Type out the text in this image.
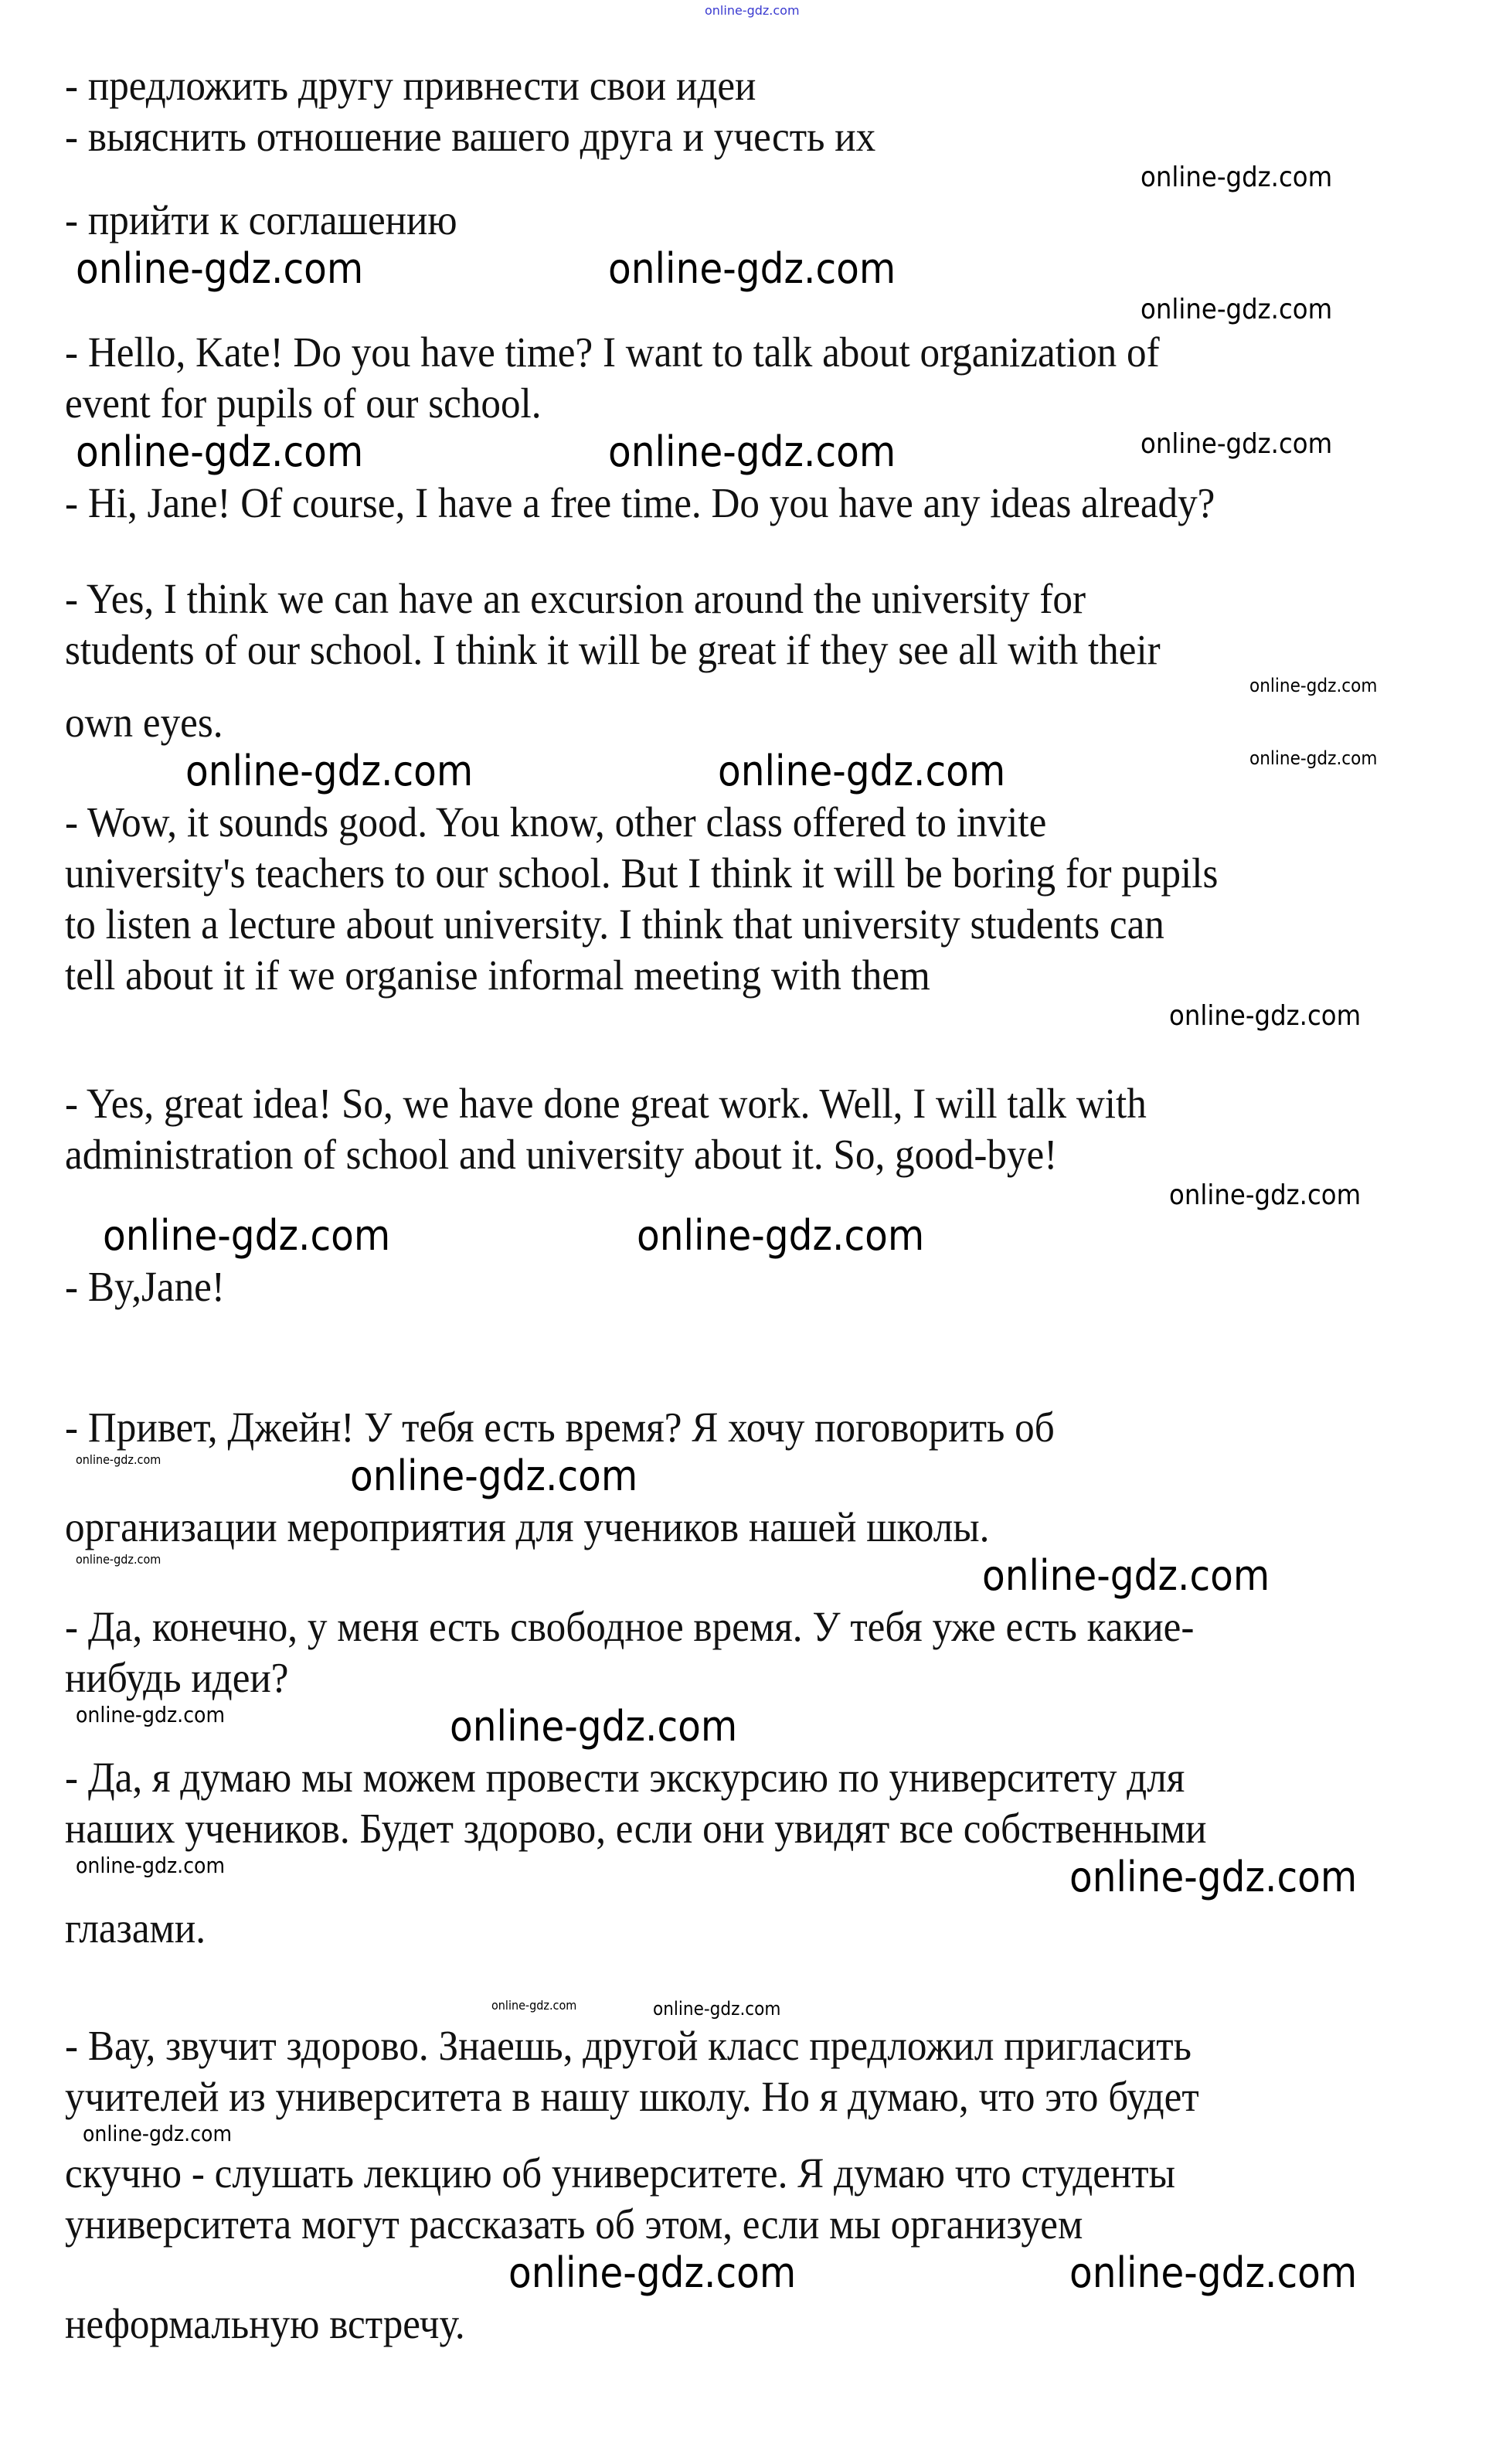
online-gdz.com
- предложить другу привнести свои идеи
- выяснить отношение вашего друга и учесть их
online-gdz.com
- прийти к соглашению
online-gdz.com	online-gdz.com
online-gdz.com
- Hello, Kate! Do you have time? I want to talk about organization of
event for pupils of our school.
online-gdz.com	online-gdz.com	online-gdz.com
- Hi, Jane! Of course, I have a free time. Do you have any ideas already?
- Yes, I think we can have an excursion around the university for
students of our school. I think it will be great if they see all with their
online-gdz.com
own eyes.
online-gdz.com	online-gdz.com	online-gdz.com
- Wow, it sounds good. You know, other class offered to invite
university's teachers to our school. But I think it will be boring for pupils
to listen a lecture about university. I think that university students can
tell about it if we organise informal meeting with them
online-gdz.com
- Yes, great idea! So, we have done great work. Well, I will talk with
administration of school and university about it. So, good-bye!
online-gdz.com
online-gdz.com	online-gdz.com
- By,Jane!
- Привет, Джейн! У тебя есть время? Я хочу поговорить об
online-gdz.com	online-gdz.com
организации мероприятия для учеников нашей школы.
online-gdz.com	online-gdz.com
- Да, конечно, у меня есть свободное время. У тебя уже есть какие-
нибудь идеи?
online-gdz.com	online-gdz.com
- Да, я думаю мы можем провести экскурсию по университету для
наших учеников. Будет здорово, если они увидят все собственными
online-gdz.com	online-gdz.com
глазами.
online-gdz.com	online-gdz.com
- Вау, звучит здорово. Знаешь, другой класс предложил пригласить
учителей из университета в нашу школу. Но я думаю, что это будет
online-gdz.com
скучно - слушать лекцию об университете. Я думаю что студенты
университета могут рассказать об этом, если мы организуем
online-gdz.com	online-gdz.com
неформальную встречу.
